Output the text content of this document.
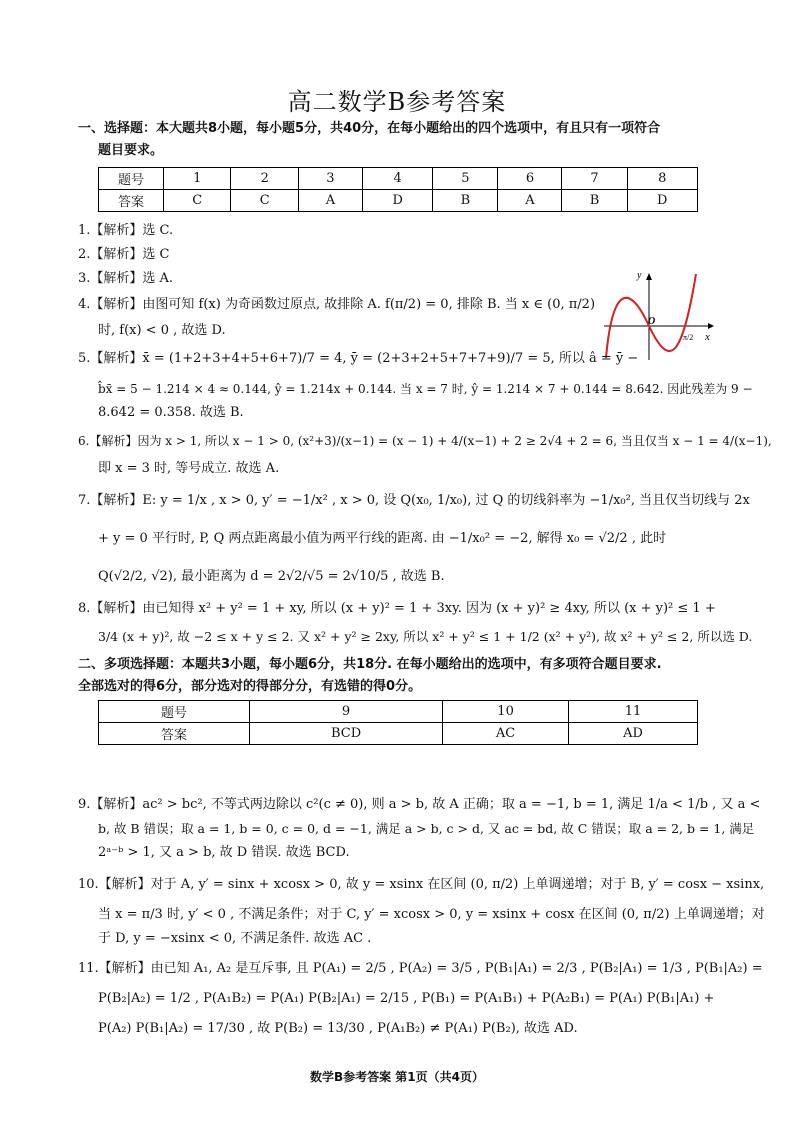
高二数学B参考答案
一、选择题：本大题共8小题，每小题5分，共40分，在每小题给出的四个选项中，有且只有一项符合
题目要求。
题号	1	2	3	4	5	6	7	8
答案	C	C	A	D	B	A	B	D
1.【解析】选 C.
2.【解析】选 C
3.【解析】选 A.
4.【解析】由图可知 f(x) 为奇函数过原点, 故排除 A. f(π/2) = 0, 排除 B. 当 x ∈ (0, π/2)
时, f(x) < 0 , 故选 D.
y
x
O
π/2
5.【解析】x̄ = (1+2+3+4+5+6+7)/7 = 4, ȳ = (2+3+2+5+7+7+9)/7 = 5, 所以 â = ȳ −
b̂x̄ = 5 − 1.214 × 4 ≈ 0.144, ŷ = 1.214x + 0.144. 当 x = 7 时, ŷ = 1.214 × 7 + 0.144 = 8.642. 因此残差为 9 −
8.642 = 0.358. 故选 B.
6.【解析】因为 x > 1, 所以 x − 1 > 0, (x²+3)/(x−1) = (x − 1) + 4/(x−1) + 2 ≥ 2√4 + 2 = 6, 当且仅当 x − 1 = 4/(x−1),
即 x = 3 时, 等号成立. 故选 A.
7.【解析】E: y = 1/x , x > 0, y′ = −1/x² , x > 0, 设 Q(x₀, 1/x₀), 过 Q 的切线斜率为 −1/x₀², 当且仅当切线与 2x
+ y = 0 平行时, P, Q 两点距离最小值为两平行线的距离. 由 −1/x₀² = −2, 解得 x₀ = √2/2 , 此时
Q(√2/2, √2), 最小距离为 d = 2√2/√5 = 2√10/5 , 故选 B.
8.【解析】由已知得 x² + y² = 1 + xy, 所以 (x + y)² = 1 + 3xy. 因为 (x + y)² ≥ 4xy, 所以 (x + y)² ≤ 1 +
3/4 (x + y)², 故 −2 ≤ x + y ≤ 2. 又 x² + y² ≥ 2xy, 所以 x² + y² ≤ 1 + 1/2 (x² + y²), 故 x² + y² ≤ 2, 所以选 D.
二、多项选择题：本题共3小题，每小题6分，共18分. 在每小题给出的选项中，有多项符合题目要求.
全部选对的得6分，部分选对的得部分分，有选错的得0分。
题号	9	10	11
答案	BCD	AC	AD
9.【解析】ac² > bc², 不等式两边除以 c²(c ≠ 0), 则 a > b, 故 A 正确；取 a = −1, b = 1, 满足 1/a < 1/b , 又 a <
b, 故 B 错误；取 a = 1, b = 0, c = 0, d = −1, 满足 a > b, c > d, 又 ac = bd, 故 C 错误；取 a = 2, b = 1, 满足
2ᵃ⁻ᵇ > 1, 又 a > b, 故 D 错误. 故选 BCD.
10.【解析】对于 A, y′ = sinx + xcosx > 0, 故 y = xsinx 在区间 (0, π/2) 上单调递增；对于 B, y′ = cosx − xsinx,
当 x = π/3 时, y′ < 0 , 不满足条件；对于 C, y′ = xcosx > 0, y = xsinx + cosx 在区间 (0, π/2) 上单调递增；对
于 D, y = −xsinx < 0, 不满足条件. 故选 AC .
11.【解析】由已知 A₁, A₂ 是互斥事, 且 P(A₁) = 2/5 , P(A₂) = 3/5 , P(B₁|A₁) = 2/3 , P(B₂|A₁) = 1/3 , P(B₁|A₂) =
P(B₂|A₂) = 1/2 , P(A₁B₂) = P(A₁) P(B₂|A₁) = 2/15 , P(B₁) = P(A₁B₁) + P(A₂B₁) = P(A₁) P(B₁|A₁) +
P(A₂) P(B₁|A₂) = 17/30 , 故 P(B₂) = 13/30 , P(A₁B₂) ≠ P(A₁) P(B₂), 故选 AD.
数学B参考答案 第1页（共4页）
